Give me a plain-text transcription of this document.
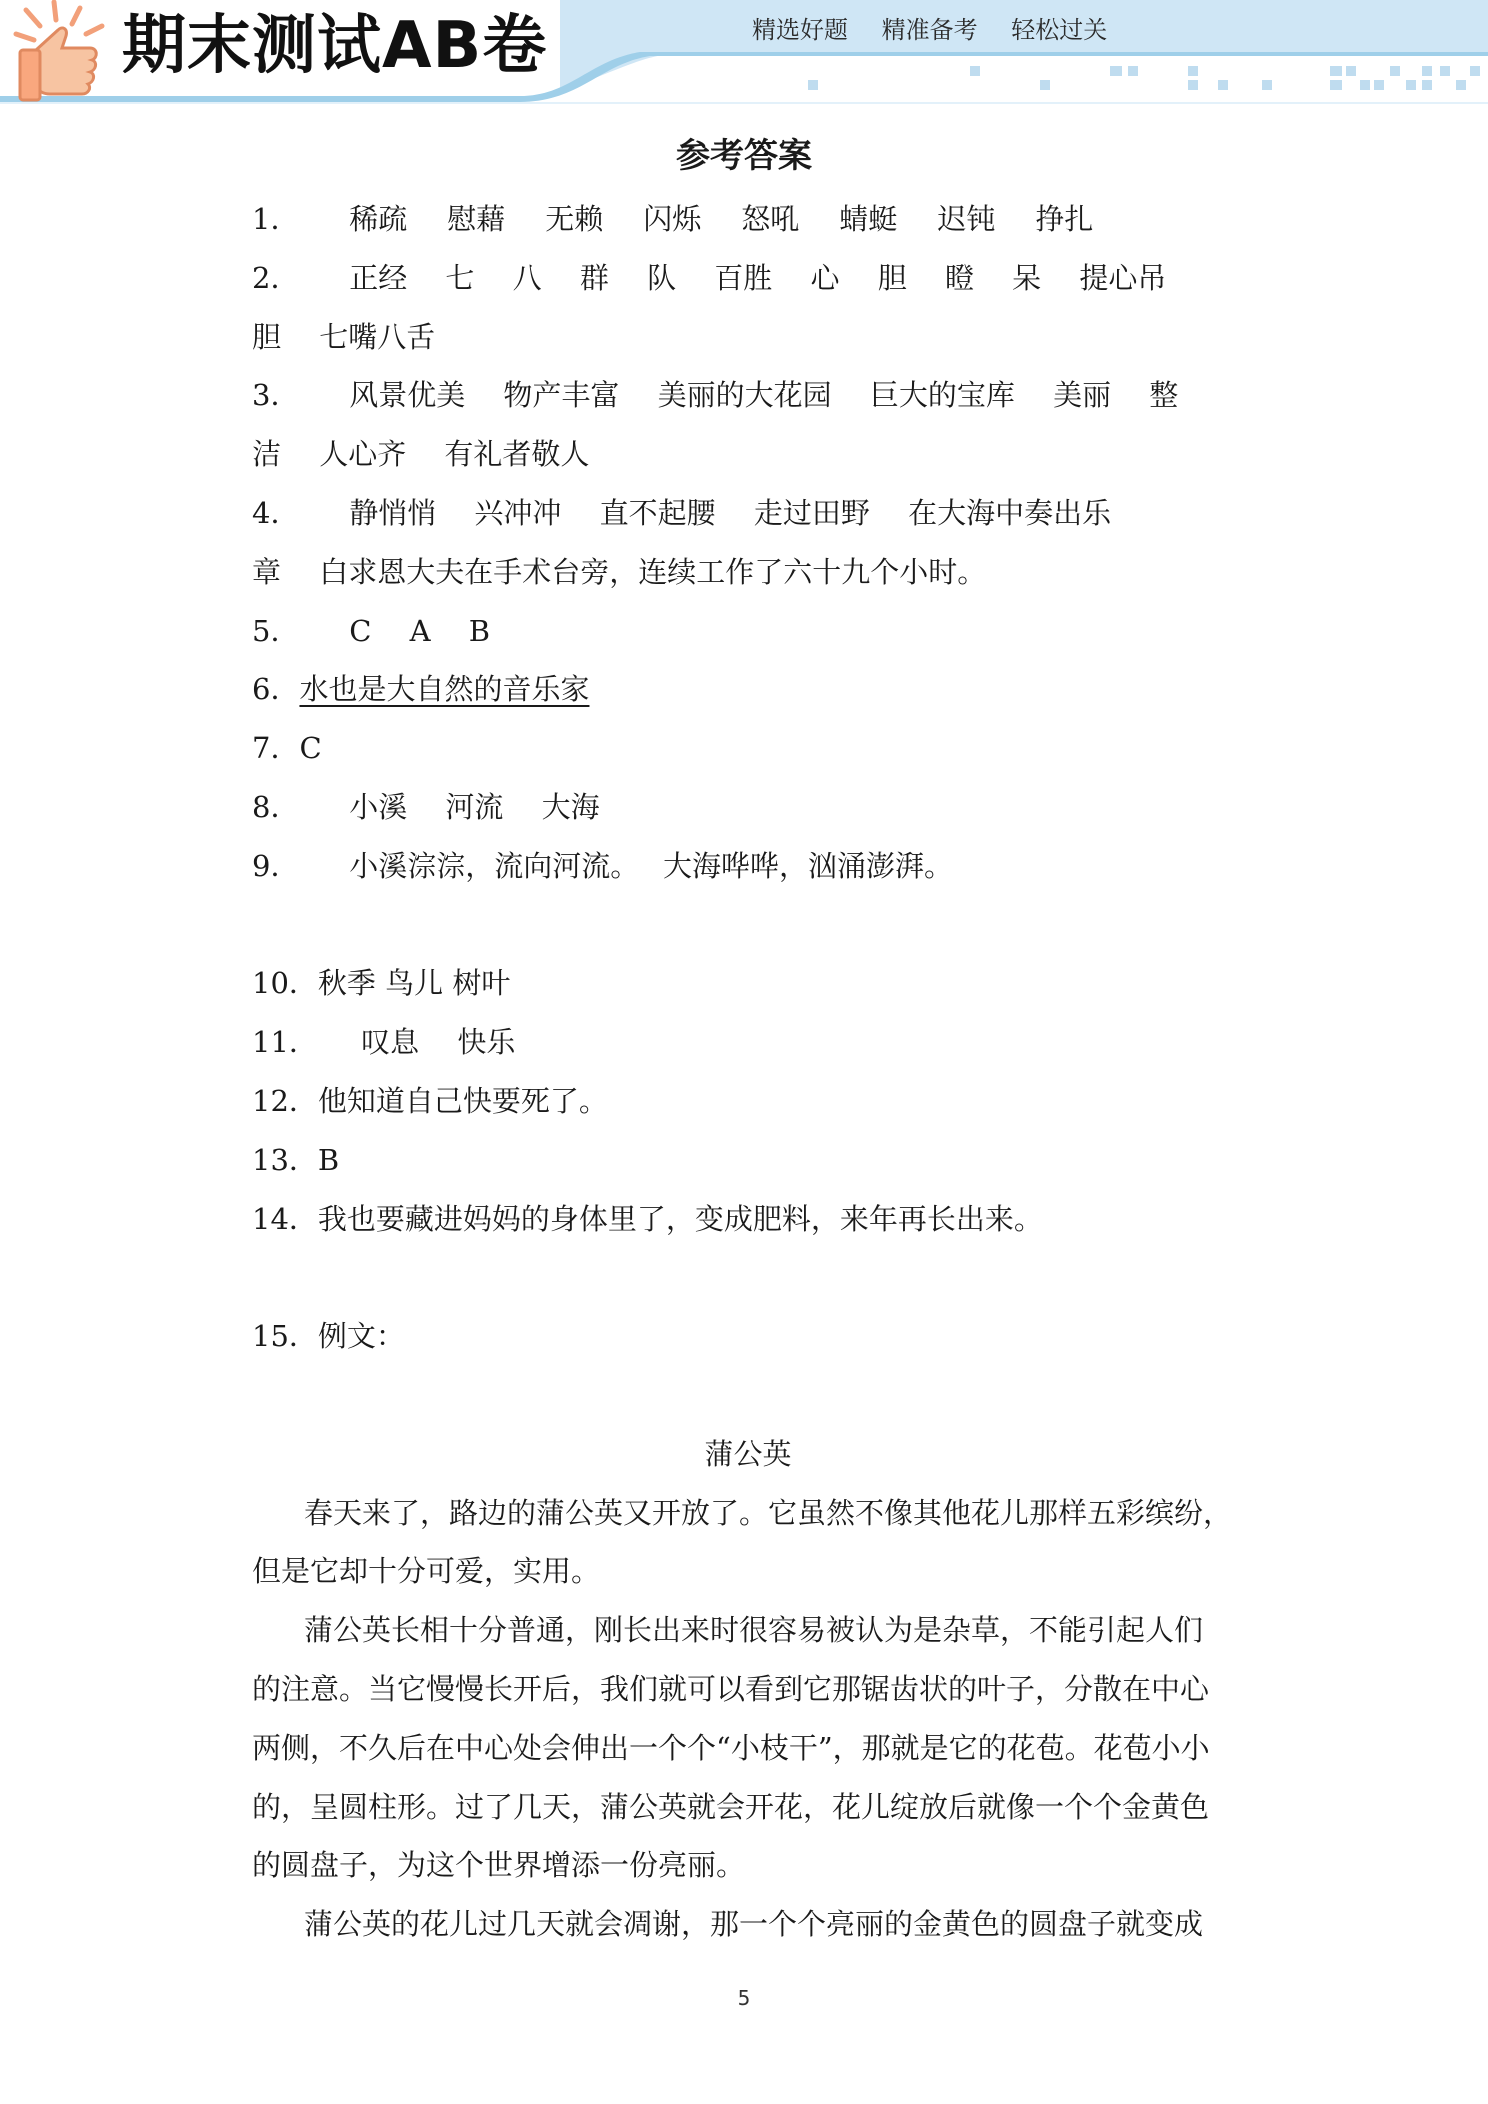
期末测试AB卷	精选好题 精准备考 轻松过关
参考答案
1． 稀疏 慰藉 无赖 闪烁 怒吼 蜻蜓 迟钝 挣扎
2． 正经　 七　 八　 群　 队　 百胜　 心　 胆　 瞪　 呆　 提心吊
胆　 七嘴八舌
3． 风景优美　 物产丰富　 美丽的大花园　 巨大的宝库　 美丽　 整
洁　 人心齐　 有礼者敬人
4． 静悄悄　 兴冲冲　 直不起腰　 走过田野　 在大海中奏出乐
章　 白求恩大夫在手术台旁，连续工作了六十九个小时。
5． C　 A　 B
6．水也是大自然的音乐家
7．C
8． 小溪　 河流　 大海
9． 小溪淙淙，流向河流。　 大海哗哗，汹涌澎湃。
10．秋季 鸟儿 树叶
11． 叹息　 快乐
12．他知道自己快要死了。
13．B
14．我也要藏进妈妈的身体里了，变成肥料，来年再长出来。
15．例文：
蒲公英
春天来了，路边的蒲公英又开放了。它虽然不像其他花儿那样五彩缤纷，
但是它却十分可爱，实用。
蒲公英长相十分普通，刚长出来时很容易被认为是杂草，不能引起人们
的注意。当它慢慢长开后，我们就可以看到它那锯齿状的叶子，分散在中心
两侧，不久后在中心处会伸出一个个“小枝干”，那就是它的花苞。花苞小小
的，呈圆柱形。过了几天，蒲公英就会开花，花儿绽放后就像一个个金黄色
的圆盘子，为这个世界增添一份亮丽。
蒲公英的花儿过几天就会凋谢，那一个个亮丽的金黄色的圆盘子就变成
5
